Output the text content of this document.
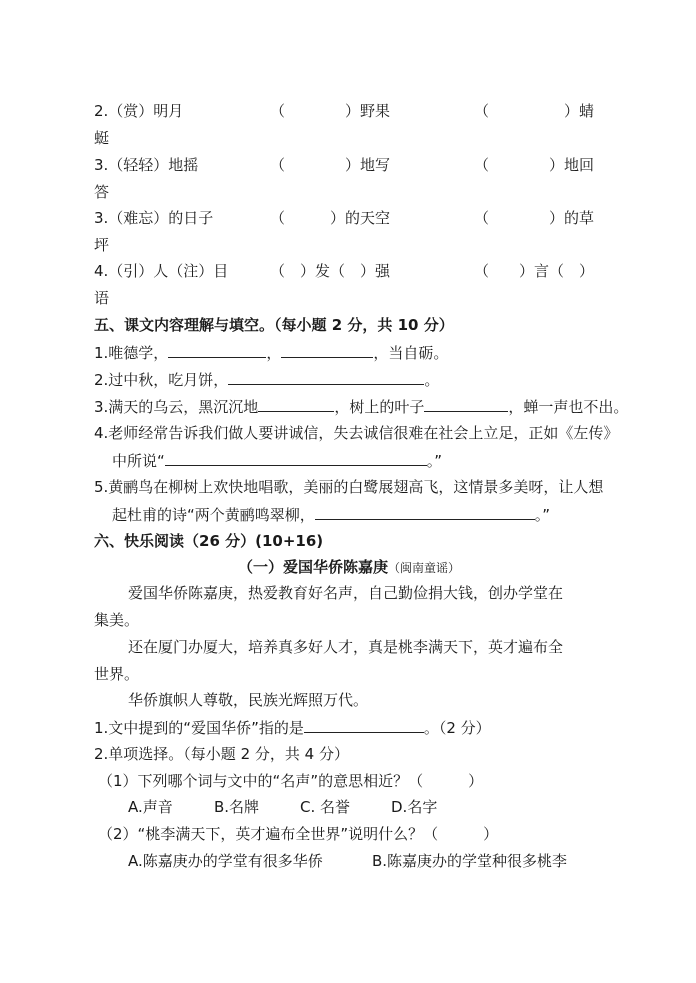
2.（赏）明月	（　　　　）野果	（　　　　　）蜻
蜓
3.（轻轻）地摇	（　　　　）地写	（　　　　）地回
答
3.（难忘）的日子	（　　　）的天空	（　　　　）的草
坪
4.（引）人（注）目	（　）发（　）强	（　　）言（　）
语
五、课文内容理解与填空。（每小题 2 分，共 10 分）
1.唯德学，	，	，当自砺。
2.过中秋，吃月饼，	。
3.满天的乌云，黑沉沉地	，树上的叶子	，蝉一声也不出。
4.老师经常告诉我们做人要讲诚信，失去诚信很难在社会上立足，正如《左传》
中所说“	。”
5.黄鹂鸟在柳树上欢快地唱歌，美丽的白鹭展翅高飞，这情景多美呀，让人想
起杜甫的诗“两个黄鹂鸣翠柳，	。”
六、快乐阅读（26 分）(10+16)
（一）爱国华侨陈嘉庚（闽南童谣）
爱国华侨陈嘉庚，热爱教育好名声，自己勤俭捐大钱，创办学堂在
集美。
还在厦门办厦大，培养真多好人才，真是桃李满天下，英才遍布全
世界。
华侨旗帜人尊敬，民族光辉照万代。
1.文中提到的“爱国华侨”指的是	。（2 分）
2.单项选择。（每小题 2 分，共 4 分）
（1）下列哪个词与文中的“名声”的意思相近？（　　　）
A.声音	B.名牌	C. 名誉	D.名字
（2）“桃李满天下，英才遍布全世界”说明什么？（　　　）
A.陈嘉庚办的学堂有很多华侨	B.陈嘉庚办的学堂种很多桃李
